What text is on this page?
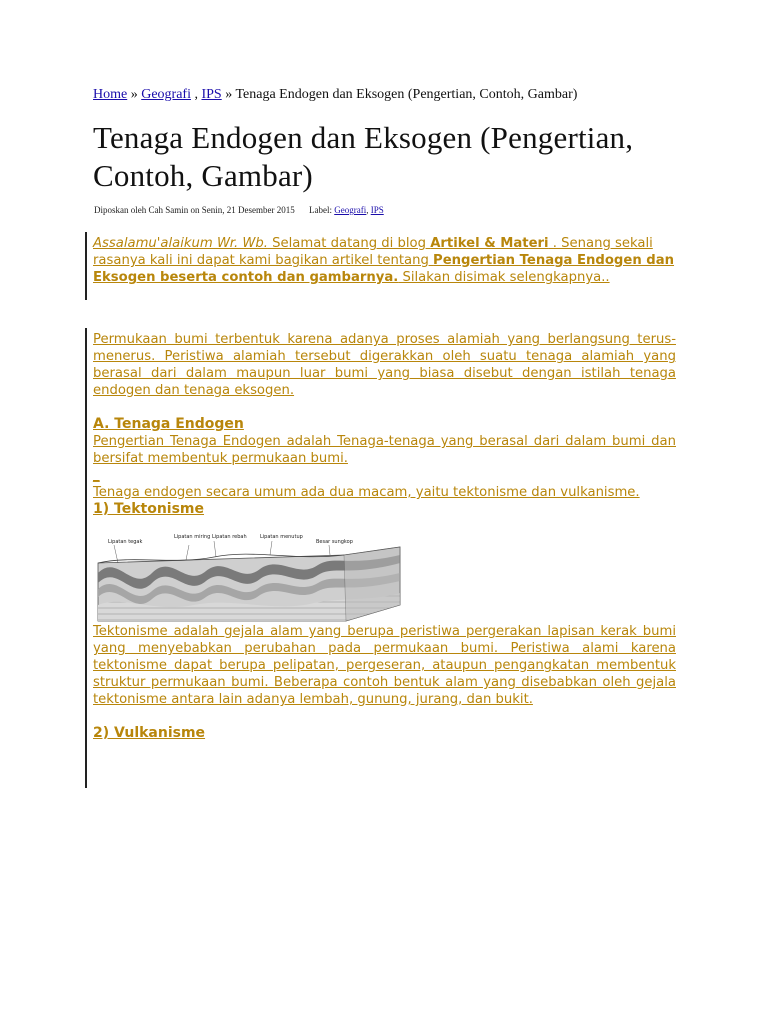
Home » Geografi , IPS » Tenaga Endogen dan Eksogen (Pengertian, Contoh, Gambar)
Tenaga Endogen dan Eksogen (Pengertian, Contoh, Gambar)
Diposkan oleh Cah Samin on Senin, 21 Desember 2015 Label: Geografi, IPS

Assalamu'alaikum Wr. Wb. Selamat datang di blog Artikel & Materi . Senang sekali rasanya kali ini dapat kami bagikan artikel tentang Pengertian Tenaga Endogen dan Eksogen beserta contoh dan gambarnya. Silakan disimak selengkapnya..

Permukaan bumi terbentuk karena adanya proses alamiah yang berlangsung terus-menerus. Peristiwa alamiah tersebut digerakkan oleh suatu tenaga alamiah yang berasal dari dalam maupun luar bumi yang biasa disebut dengan istilah tenaga endogen dan tenaga eksogen.

A. Tenaga Endogen

Pengertian Tenaga Endogen adalah Tenaga-tenaga yang berasal dari dalam bumi dan bersifat membentuk permukaan bumi.

_

Tenaga endogen secara umum ada dua macam, yaitu tektonisme dan vulkanisme.

1) Tektonisme

Lipatan tegak
Lipatan miring Lipatan rebah	Lipatan menutup
Besar sungkop

Tektonisme adalah gejala alam yang berupa peristiwa pergerakan lapisan kerak bumi yang menyebabkan perubahan pada permukaan bumi. Peristiwa alami karena tektonisme dapat berupa pelipatan, pergeseran, ataupun pengangkatan membentuk struktur permukaan bumi. Beberapa contoh bentuk alam yang disebabkan oleh gejala tektonisme antara lain adanya lembah, gunung, jurang, dan bukit.

2) Vulkanisme
